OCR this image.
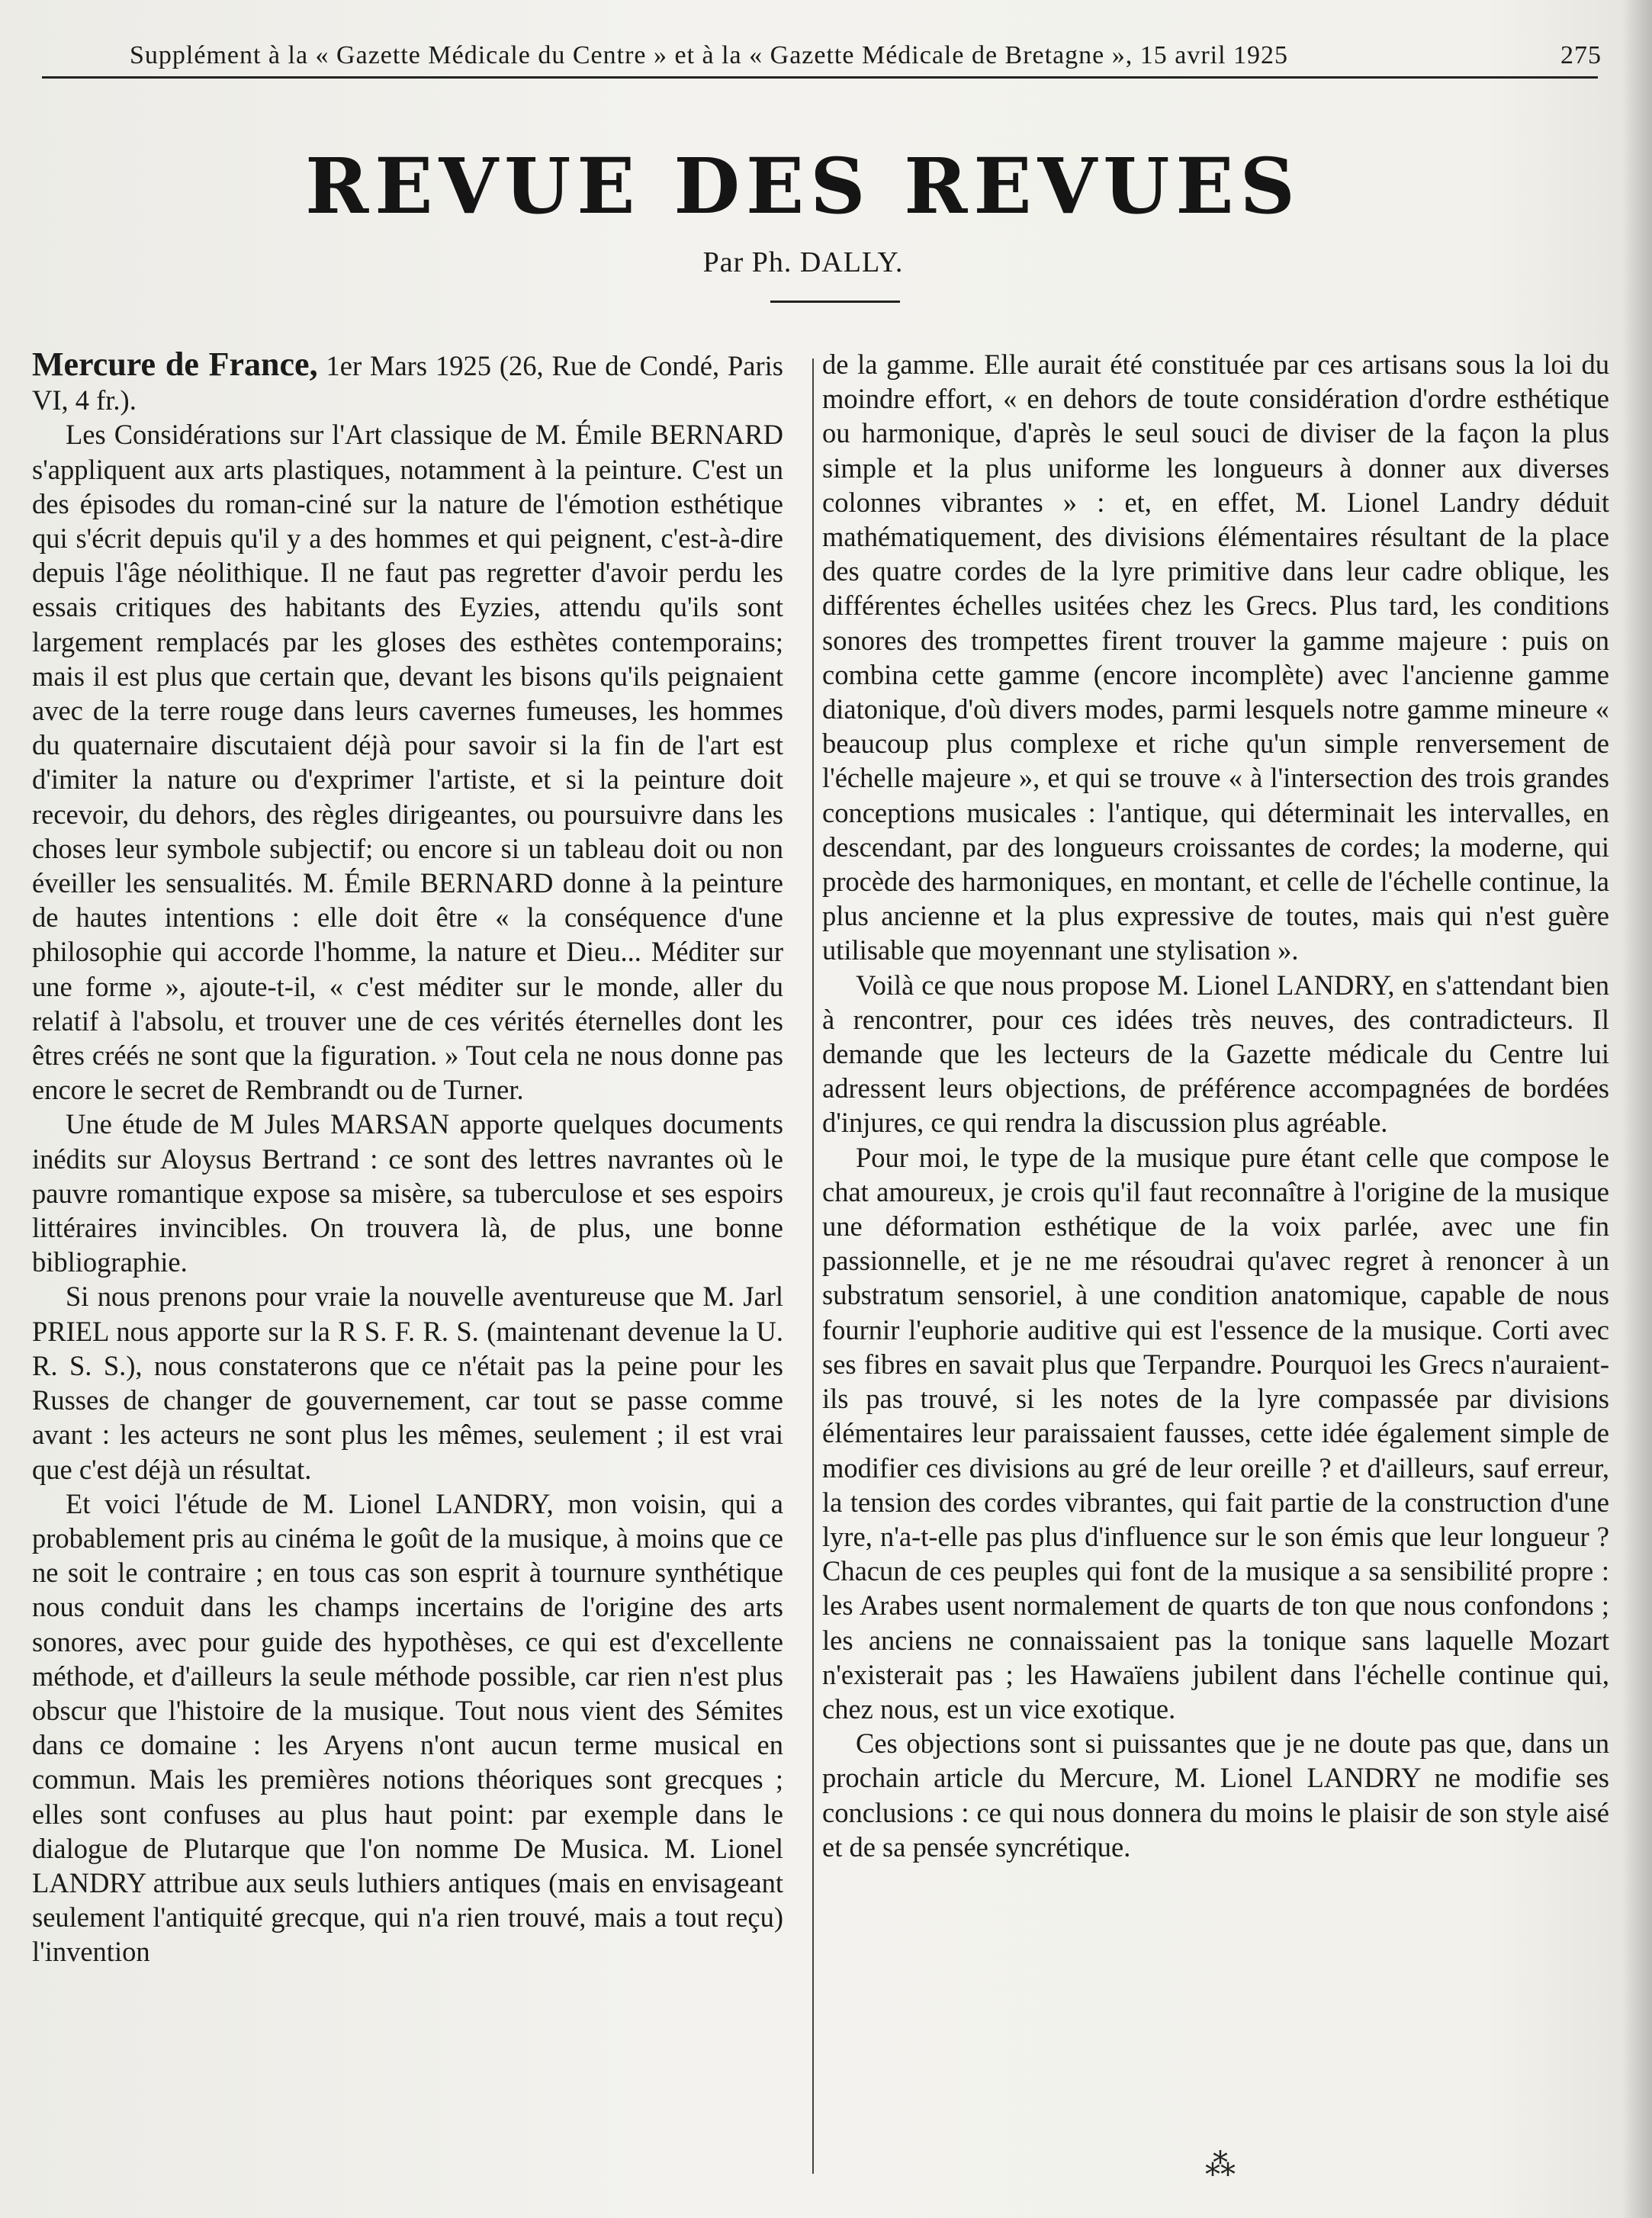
Supplément à la « Gazette Médicale du Centre » et à la « Gazette Médicale de Bretagne », 15 avril 1925	275
REVUE DES REVUES
Par Ph. DALLY.

Mercure de France, 1er Mars 1925 (26, Rue de Condé, Paris VI, 4 fr.).

Les Considérations sur l'Art classique de M. Émile BERNARD s'appliquent aux arts plastiques, notamment à la peinture. C'est un des épisodes du roman-ciné sur la nature de l'émotion esthétique qui s'écrit depuis qu'il y a des hommes et qui peignent, c'est-à-dire depuis l'âge néolithique. Il ne faut pas regretter d'avoir perdu les essais critiques des habitants des Eyzies, attendu qu'ils sont largement remplacés par les gloses des esthètes contemporains; mais il est plus que certain que, devant les bisons qu'ils peignaient avec de la terre rouge dans leurs cavernes fumeuses, les hommes du quaternaire discutaient déjà pour savoir si la fin de l'art est d'imiter la nature ou d'exprimer l'artiste, et si la peinture doit recevoir, du dehors, des règles dirigeantes, ou poursuivre dans les choses leur symbole subjectif; ou encore si un tableau doit ou non éveiller les sensualités. M. Émile BERNARD donne à la peinture de hautes intentions : elle doit être « la conséquence d'une philosophie qui accorde l'homme, la nature et Dieu... Méditer sur une forme », ajoute-t-il, « c'est méditer sur le monde, aller du relatif à l'absolu, et trouver une de ces vérités éternelles dont les êtres créés ne sont que la figuration. » Tout cela ne nous donne pas encore le secret de Rembrandt ou de Turner.

Une étude de M Jules MARSAN apporte quelques documents inédits sur Aloysus Bertrand : ce sont des lettres navrantes où le pauvre romantique expose sa misère, sa tuberculose et ses espoirs littéraires invincibles. On trouvera là, de plus, une bonne bibliographie.

Si nous prenons pour vraie la nouvelle aventureuse que M. Jarl PRIEL nous apporte sur la R S. F. R. S. (maintenant devenue la U. R. S. S.), nous constaterons que ce n'était pas la peine pour les Russes de changer de gouvernement, car tout se passe comme avant : les acteurs ne sont plus les mêmes, seulement ; il est vrai que c'est déjà un résultat.

Et voici l'étude de M. Lionel LANDRY, mon voisin, qui a probablement pris au cinéma le goût de la musique, à moins que ce ne soit le contraire ; en tous cas son esprit à tournure synthétique nous conduit dans les champs incertains de l'origine des arts sonores, avec pour guide des hypothèses, ce qui est d'excellente méthode, et d'ailleurs la seule méthode possible, car rien n'est plus obscur que l'histoire de la musique. Tout nous vient des Sémites dans ce domaine : les Aryens n'ont aucun terme musical en commun. Mais les premières notions théoriques sont grecques ; elles sont confuses au plus haut point: par exemple dans le dialogue de Plutarque que l'on nomme De Musica. M. Lionel LANDRY attribue aux seuls luthiers antiques (mais en envisageant seulement l'antiquité grecque, qui n'a rien trouvé, mais a tout reçu) l'invention

de la gamme. Elle aurait été constituée par ces artisans sous la loi du moindre effort, « en dehors de toute considération d'ordre esthétique ou harmonique, d'après le seul souci de diviser de la façon la plus simple et la plus uniforme les longueurs à donner aux diverses colonnes vibrantes » : et, en effet, M. Lionel Landry déduit mathématiquement, des divisions élémentaires résultant de la place des quatre cordes de la lyre primitive dans leur cadre oblique, les différentes échelles usitées chez les Grecs. Plus tard, les conditions sonores des trompettes firent trouver la gamme majeure : puis on combina cette gamme (encore incomplète) avec l'ancienne gamme diatonique, d'où divers modes, parmi lesquels notre gamme mineure « beaucoup plus complexe et riche qu'un simple renversement de l'échelle majeure », et qui se trouve « à l'intersection des trois grandes conceptions musicales : l'antique, qui déterminait les intervalles, en descendant, par des longueurs croissantes de cordes; la moderne, qui procède des harmoniques, en montant, et celle de l'échelle continue, la plus ancienne et la plus expressive de toutes, mais qui n'est guère utilisable que moyennant une stylisation ».

Voilà ce que nous propose M. Lionel LANDRY, en s'attendant bien à rencontrer, pour ces idées très neuves, des contradicteurs. Il demande que les lecteurs de la Gazette médicale du Centre lui adressent leurs objections, de préférence accompagnées de bordées d'injures, ce qui rendra la discussion plus agréable.

Pour moi, le type de la musique pure étant celle que compose le chat amoureux, je crois qu'il faut reconnaître à l'origine de la musique une déformation esthétique de la voix parlée, avec une fin passionnelle, et je ne me résoudrai qu'avec regret à renoncer à un substratum sensoriel, à une condition anatomique, capable de nous fournir l'euphorie auditive qui est l'essence de la musique. Corti avec ses fibres en savait plus que Terpandre. Pourquoi les Grecs n'auraient-ils pas trouvé, si les notes de la lyre compassée par divisions élémentaires leur paraissaient fausses, cette idée également simple de modifier ces divisions au gré de leur oreille ? et d'ailleurs, sauf erreur, la tension des cordes vibrantes, qui fait partie de la construction d'une lyre, n'a-t-elle pas plus d'influence sur le son émis que leur longueur ? Chacun de ces peuples qui font de la musique a sa sensibilité propre : les Arabes usent normalement de quarts de ton que nous confondons ; les anciens ne connaissaient pas la tonique sans laquelle Mozart n'existerait pas ; les Hawaïens jubilent dans l'échelle continue qui, chez nous, est un vice exotique.

Ces objections sont si puissantes que je ne doute pas que, dans un prochain article du Mercure, M. Lionel LANDRY ne modifie ses conclusions : ce qui nous donnera du moins le plaisir de son style aisé et de sa pensée syncrétique.

⁂
